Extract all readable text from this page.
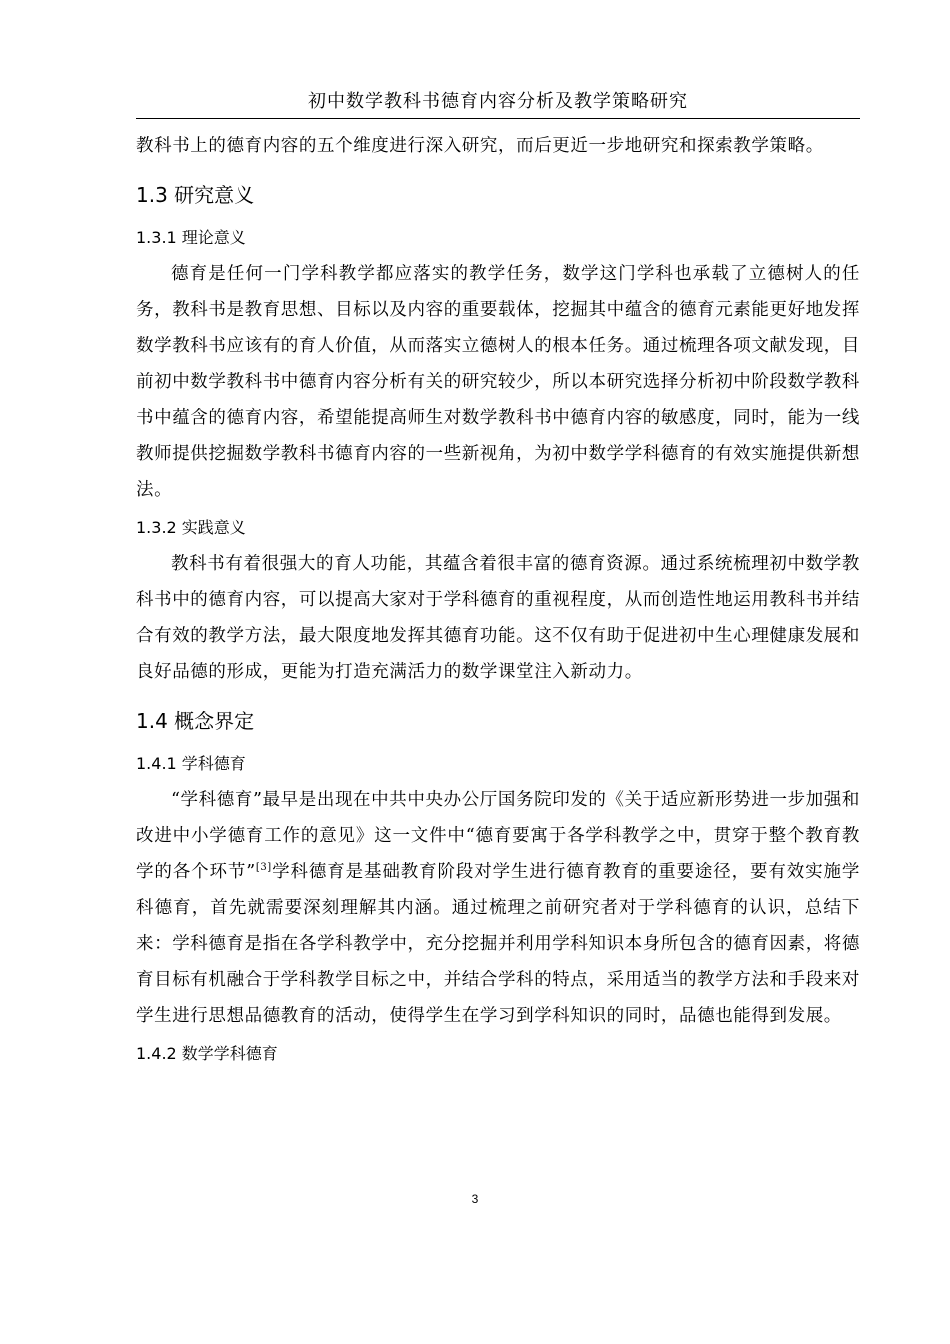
初中数学教科书德育内容分析及教学策略研究

教科书上的德育内容的五个维度进行深入研究，而后更近一步地研究和探索教学策略。

1.3 研究意义
1.3.1 理论意义

德育是任何一门学科教学都应落实的教学任务，数学这门学科也承载了立德树人的任务，教科书是教育思想、目标以及内容的重要载体，挖掘其中蕴含的德育元素能更好地发挥数学教科书应该有的育人价值，从而落实立德树人的根本任务。通过梳理各项文献发现，目前初中数学教科书中德育内容分析有关的研究较少，所以本研究选择分析初中阶段数学教科书中蕴含的德育内容，希望能提高师生对数学教科书中德育内容的敏感度，同时，能为一线教师提供挖掘数学教科书德育内容的一些新视角，为初中数学学科德育的有效实施提供新想法。

1.3.2 实践意义

教科书有着很强大的育人功能，其蕴含着很丰富的德育资源。通过系统梳理初中数学教科书中的德育内容，可以提高大家对于学科德育的重视程度，从而创造性地运用教科书并结合有效的教学方法，最大限度地发挥其德育功能。这不仅有助于促进初中生心理健康发展和良好品德的形成，更能为打造充满活力的数学课堂注入新动力。

1.4 概念界定
1.4.1 学科德育

“学科德育”最早是出现在中共中央办公厅国务院印发的《关于适应新形势进一步加强和改进中小学德育工作的意见》这一文件中“德育要寓于各学科教学之中，贯穿于整个教育教学的各个环节”[3]学科德育是基础教育阶段对学生进行德育教育的重要途径，要有效实施学科德育，首先就需要深刻理解其内涵。通过梳理之前研究者对于学科德育的认识，总结下来：学科德育是指在各学科教学中，充分挖掘并利用学科知识本身所包含的德育因素，将德育目标有机融合于学科教学目标之中，并结合学科的特点，采用适当的教学方法和手段来对学生进行思想品德教育的活动，使得学生在学习到学科知识的同时，品德也能得到发展。

1.4.2 数学学科德育
3
